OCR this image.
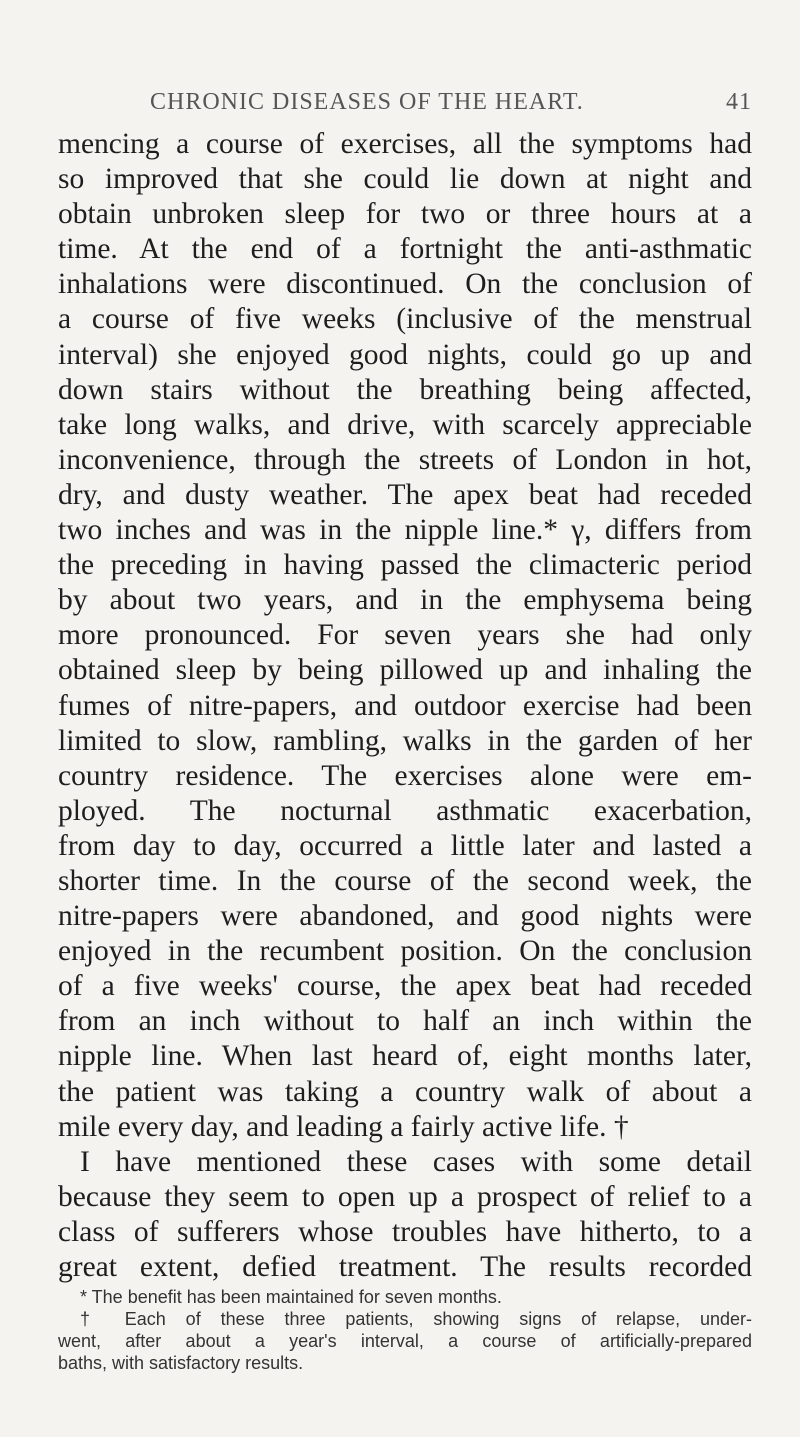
CHRONIC DISEASES OF THE HEART.	41
mencing a course of exercises, all the symptoms had
so improved that she could lie down at night and
obtain unbroken sleep for two or three hours at a
time. At the end of a fortnight the anti-asthmatic
inhalations were discontinued. On the conclusion of
a course of five weeks (inclusive of the menstrual
interval) she enjoyed good nights, could go up and
down stairs without the breathing being affected,
take long walks, and drive, with scarcely appreciable
inconvenience, through the streets of London in hot,
dry, and dusty weather. The apex beat had receded
two inches and was in the nipple line.* γ, differs from
the preceding in having passed the climacteric period
by about two years, and in the emphysema being
more pronounced. For seven years she had only
obtained sleep by being pillowed up and inhaling the
fumes of nitre-papers, and outdoor exercise had been
limited to slow, rambling, walks in the garden of her
country residence. The exercises alone were em-
ployed. The nocturnal asthmatic exacerbation,
from day to day, occurred a little later and lasted a
shorter time. In the course of the second week, the
nitre-papers were abandoned, and good nights were
enjoyed in the recumbent position. On the conclusion
of a five weeks' course, the apex beat had receded
from an inch without to half an inch within the
nipple line. When last heard of, eight months later,
the patient was taking a country walk of about a
mile every day, and leading a fairly active life. †
I have mentioned these cases with some detail
because they seem to open up a prospect of relief to a
class of sufferers whose troubles have hitherto, to a
great extent, defied treatment. The results recorded
* The benefit has been maintained for seven months.
† Each of these three patients, showing signs of relapse, under-
went, after about a year's interval, a course of artificially-prepared
baths, with satisfactory results.
